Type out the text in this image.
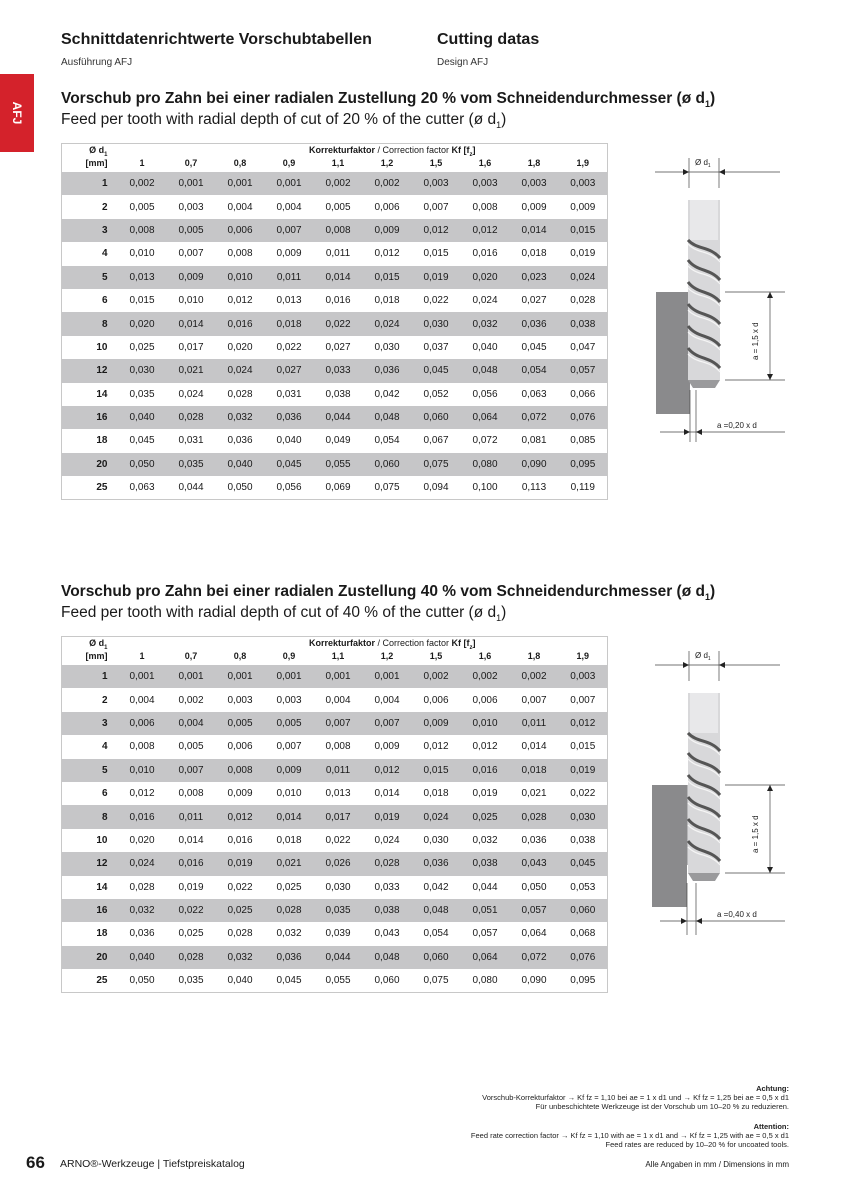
Schnittdatenrichtwerte Vorschubtabellen	Cutting datas
Ausführung AFJ	Design AFJ
AFJ
Vorschub pro Zahn bei einer radialen Zustellung 20 % vom Schneidendurchmesser (ø $d_1$)
Feed per tooth with radial depth of cut of 20 % of the cutter (ø $d_1$)
Ø $d_1$	Korrekturfaktor / Correction factor Kf $[f_z]$									
[mm]	1	0,7	0,8	0,9	1,1	1,2	1,5	1,6	1,8	1,9
1	0,002	0,001	0,001	0,001	0,002	0,002	0,003	0,003	0,003	0,003
2	0,005	0,003	0,004	0,004	0,005	0,006	0,007	0,008	0,009	0,009
3	0,008	0,005	0,006	0,007	0,008	0,009	0,012	0,012	0,014	0,015
4	0,010	0,007	0,008	0,009	0,011	0,012	0,015	0,016	0,018	0,019
5	0,013	0,009	0,010	0,011	0,014	0,015	0,019	0,020	0,023	0,024
6	0,015	0,010	0,012	0,013	0,016	0,018	0,022	0,024	0,027	0,028
8	0,020	0,014	0,016	0,018	0,022	0,024	0,030	0,032	0,036	0,038
10	0,025	0,017	0,020	0,022	0,027	0,030	0,037	0,040	0,045	0,047
12	0,030	0,021	0,024	0,027	0,033	0,036	0,045	0,048	0,054	0,057
14	0,035	0,024	0,028	0,031	0,038	0,042	0,052	0,056	0,063	0,066
16	0,040	0,028	0,032	0,036	0,044	0,048	0,060	0,064	0,072	0,076
18	0,045	0,031	0,036	0,040	0,049	0,054	0,067	0,072	0,081	0,085
20	0,050	0,035	0,040	0,045	0,055	0,060	0,075	0,080	0,090	0,095
25	0,063	0,044	0,050	0,056	0,069	0,075	0,094	0,100	0,113	0,119
Vorschub pro Zahn bei einer radialen Zustellung 40 % vom Schneidendurchmesser (ø $d_1$)
Feed per tooth with radial depth of cut of 40 % of the cutter (ø $d_1$)
Ø $d_1$	Korrekturfaktor / Correction factor Kf $[f_z]$									
[mm]	1	0,7	0,8	0,9	1,1	1,2	1,5	1,6	1,8	1,9
1	0,001	0,001	0,001	0,001	0,001	0,001	0,002	0,002	0,002	0,003
2	0,004	0,002	0,003	0,003	0,004	0,004	0,006	0,006	0,007	0,007
3	0,006	0,004	0,005	0,005	0,007	0,007	0,009	0,010	0,011	0,012
4	0,008	0,005	0,006	0,007	0,008	0,009	0,012	0,012	0,014	0,015
5	0,010	0,007	0,008	0,009	0,011	0,012	0,015	0,016	0,018	0,019
6	0,012	0,008	0,009	0,010	0,013	0,014	0,018	0,019	0,021	0,022
8	0,016	0,011	0,012	0,014	0,017	0,019	0,024	0,025	0,028	0,030
10	0,020	0,014	0,016	0,018	0,022	0,024	0,030	0,032	0,036	0,038
12	0,024	0,016	0,019	0,021	0,026	0,028	0,036	0,038	0,043	0,045
14	0,028	0,019	0,022	0,025	0,030	0,033	0,042	0,044	0,050	0,053
16	0,032	0,022	0,025	0,028	0,035	0,038	0,048	0,051	0,057	0,060
18	0,036	0,025	0,028	0,032	0,039	0,043	0,054	0,057	0,064	0,068
20	0,040	0,028	0,032	0,036	0,044	0,048	0,060	0,064	0,072	0,076
25	0,050	0,035	0,040	0,045	0,055	0,060	0,075	0,080	0,090	0,095
Ø $d_1$
a = 1,5 x d
a =0,20 x d
Ø $d_1$
a = 1,5 x d
a =0,40 x d
Achtung:
Vorschub-Korrekturfaktor → Kf fz = 1,10 bei ae = 1 x d1 und → Kf fz = 1,25 bei ae = 0,5 x d1
Für unbeschichtete Werkzeuge ist der Vorschub um 10–20 % zu reduzieren.
Attention:
Feed rate correction factor → Kf fz = 1,10 with ae = 1 x d1 and → Kf fz = 1,25 with ae = 0,5 x d1
Feed rates are reduced by 10–20 % for uncoated tools.
66 ARNO®-Werkzeuge | Tiefstpreiskatalog	Alle Angaben in mm / Dimensions in mm
